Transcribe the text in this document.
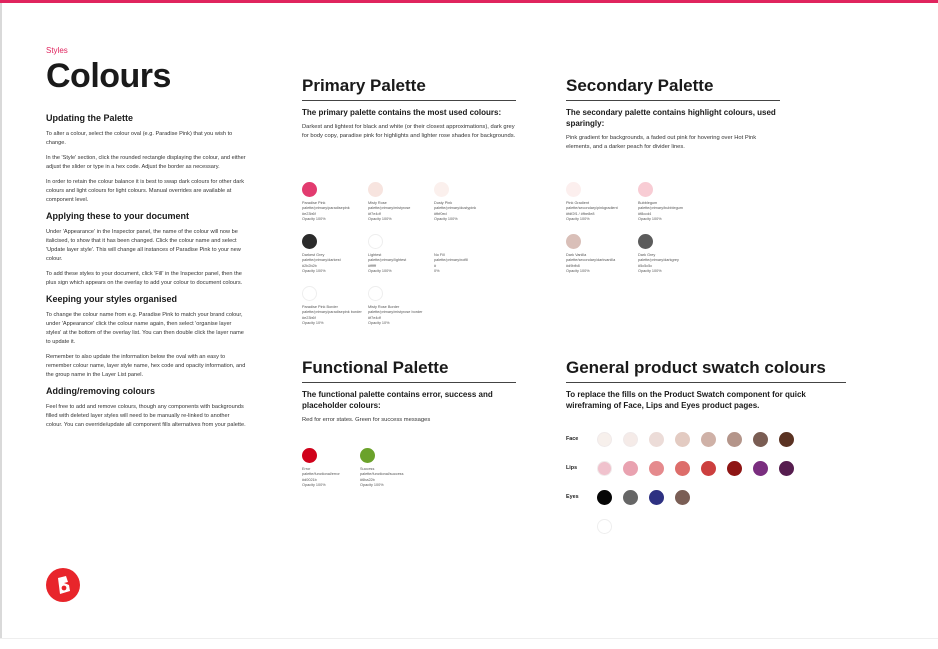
Styles
Colours
Updating the Palette
To alter a colour, select the colour oval (e.g. Paradise Pink) that you wish to change.
In the 'Style' section, click the rounded rectangle displaying the colour, and either adjust the slider or type in a hex code. Adjust the border as necessary.
In order to retain the colour balance it is best to swap dark colours for other dark colours and light colours for light colours. Manual overrides are available at component level.
Applying these to your document
Under 'Appearance' in the Inspector panel, the name of the colour will now be italicised, to show that it has been changed. Click the colour name and select 'Update layer style'. This will change all instances of Paradise Pink to your new colour.
To add these styles to your document, click 'Fill' in the Inspector panel, then the plus sign which appears on the overlay to add your colour to document colours.
Keeping your styles organised
To change the colour name from e.g. Paradise Pink to match your brand colour, under 'Appearance' click the colour name again, then select 'organise layer styles' at the bottom of the overlay list. You can then double click the layer name to update it.
Remember to also update the information below the oval with an easy to remember colour name, layer style name, hex code and opacity information, and the group name in the Layer List panel.
Adding/removing colours
Feel free to add and remove colours, though any components with backgrounds filled with deleted layer styles will need to be manually re-linked to another colour. You can override/update all component fills alternatives from your palette.
Primary Palette
The primary palette contains the most used colours:
Darkest and lightest for black and white (or their closest approximations), dark grey for body copy, paradise pink for highlights and lighter rose shades for backgrounds.
Paradise Pink
palette/primary/paradisepink
#e23b6f
Opacity 100%
Misty Rose
palette/primary/mistyrose
#f7e4df
Opacity 100%
Dusty Pink
palette/primary/dustypink
#fbf0ed
Opacity 100%
Darkest Grey
palette/primary/darkest
#2b2b2b
Opacity 100%
Lightest
palette/primary/lightest
#ffffff
Opacity 100%
No Fill
palette/primary/nofill
#
0%
Paradise Pink Border
palette/primary/paradisepink border
#e23b6f
Opacity 10%
Misty Rose Border
palette/primary/mistyrose border
#f7e4df
Opacity 10%
Secondary Palette
The secondary palette contains highlight colours, used sparingly:
Pink gradient for backgrounds, a faded out pink for hovering over Hot Pink elements, and a darker peach for divider lines.
Pink Gradient
palette/secondary/pinkgradient
#fdf2f1 / #fbe8e8
Opacity 100%
Bubblegum
palette/primary/bubblegum
#f8ccd4
Opacity 100%
Dark Vanilla
palette/secondary/darkvanilla
#d9bfb8
Opacity 100%
Dark Grey
palette/primary/darkgrey
#5c5c5c
Opacity 100%
Functional Palette
The functional palette contains error, success and placeholder colours:
Red for error states. Green for success messages
Error
palette/functional/error
#d0021b
Opacity 100%
Success
palette/functional/success
#6ba22b
Opacity 100%
General product swatch colours
To replace the fills on the Product Swatch component for quick wireframing of Face, Lips and Eyes product pages.
Face
Lips
Eyes
